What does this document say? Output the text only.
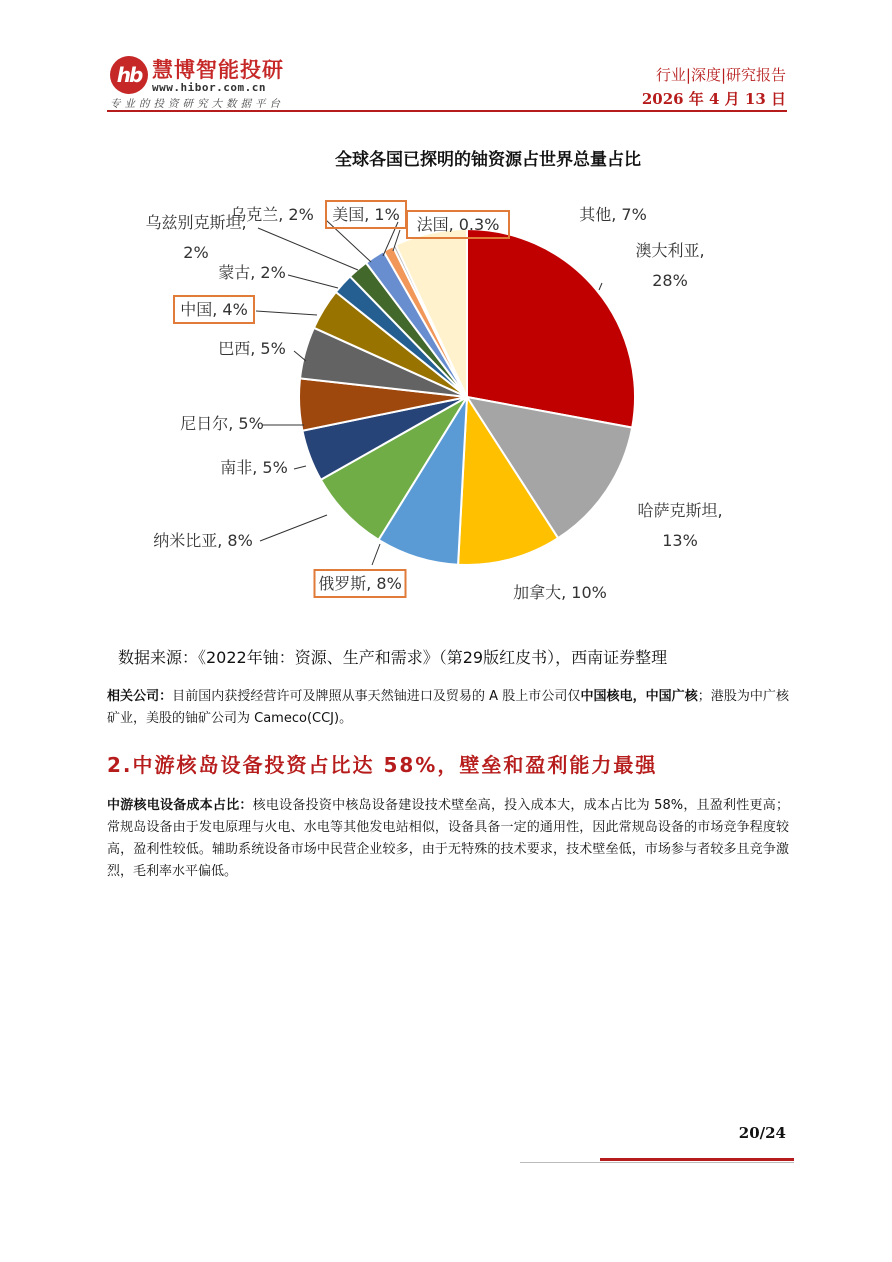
hb 慧博智能投研
www.hibor.com.cn
专业的投资研究大数据平台
行业|深度|研究报告
2026 年 4 月 13 日
全球各国已探明的铀资源占世界总量占比
澳大利亚, 28%
哈萨克斯坦, 13%
加拿大, 10%
俄罗斯, 8%
纳米比亚, 8%
南非, 5%
尼日尔, 5%
巴西, 5%
中国, 4%
蒙古, 2%
乌兹别克斯坦, 2%
乌克兰, 2% 美国, 1%
法国, 0.3%
其他, 7%
数据来源：《2022年铀：资源、生产和需求》（第29版红皮书），西南证券整理
相关公司：目前国内获授经营许可及牌照从事天然铀进口及贸易的 A 股上市公司仅中国核电，中国广核；港股为中广核矿业，美股的铀矿公司为 Cameco(CCJ)。
2.中游核岛设备投资占比达 58%，壁垒和盈利能力最强
中游核电设备成本占比：核电设备投资中核岛设备建设技术壁垒高，投入成本大，成本占比为 58%，且盈利性更高；常规岛设备由于发电原理与火电、水电等其他发电站相似，设备具备一定的通用性，因此常规岛设备的市场竞争程度较高，盈利性较低。辅助系统设备市场中民营企业较多，由于无特殊的技术要求，技术壁垒低，市场参与者较多且竞争激烈，毛利率水平偏低。
20/24
